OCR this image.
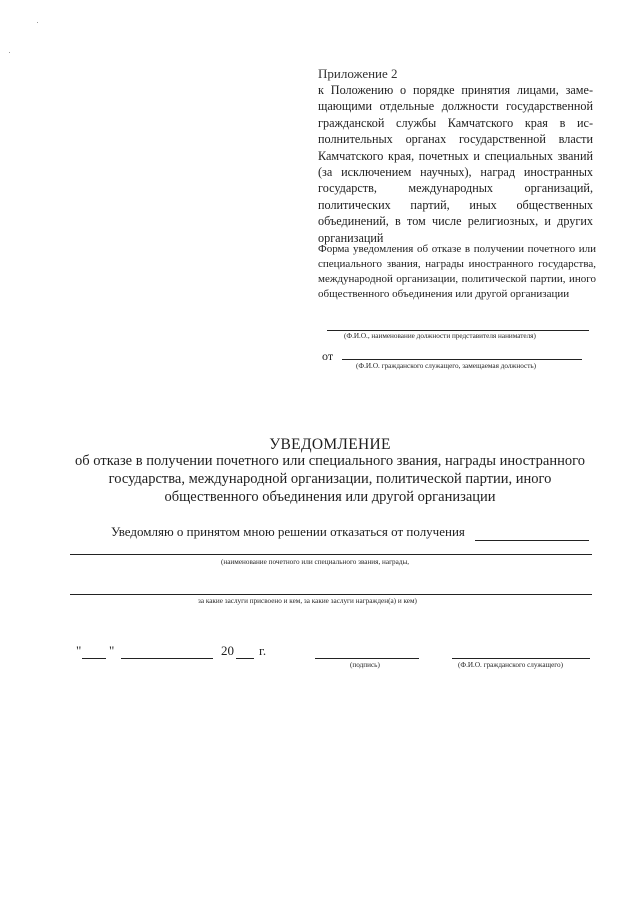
Приложение 2
к Положению о порядке принятия лицами, замещающими отдельные должности государственной гражданской службы Камчатского края в исполнительных органах государственной власти Камчатского края, почетных и специальных званий (за исключением научных), наград иностранных государств, международных организаций, политических партий, иных общественных объединений, в том числе религиозных, и других организаций
Форма уведомления об отказе в получении почетного или специального звания, награды иностранного государства, международной организации, политической партии, иного общественного объединения или другой организации
(Ф.И.О., наименование должности представителя нанимателя)
от
(Ф.И.О. гражданского служащего, замещаемая должность)
УВЕДОМЛЕНИЕ
об отказе в получении почетного или специального звания, награды иностранного государства, международной организации, политической партии, иного общественного объединения или другой организации
Уведомляю о принятом мною решении отказаться от получения
(наименование почетного или специального звания, награды,
за какие заслуги присвоено и кем, за какие заслуги награжден(а) и кем)
" "	20 г.
(подпись)	(Ф.И.О. гражданского служащего)
